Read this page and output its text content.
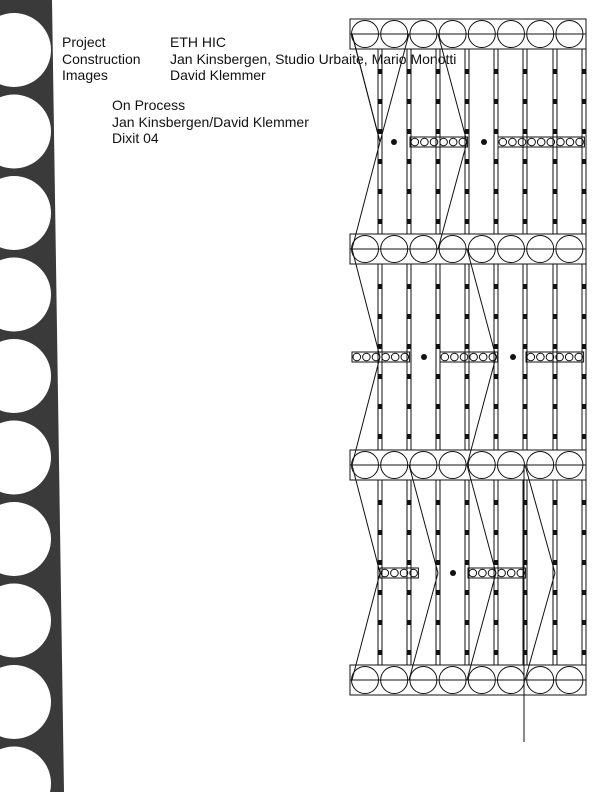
Project	ETH HIC
Construction	Jan Kinsbergen, Studio Urbaite, Mario Monotti
Images	David Klemmer
On Process
Jan Kinsbergen/David Klemmer
Dixit 04
